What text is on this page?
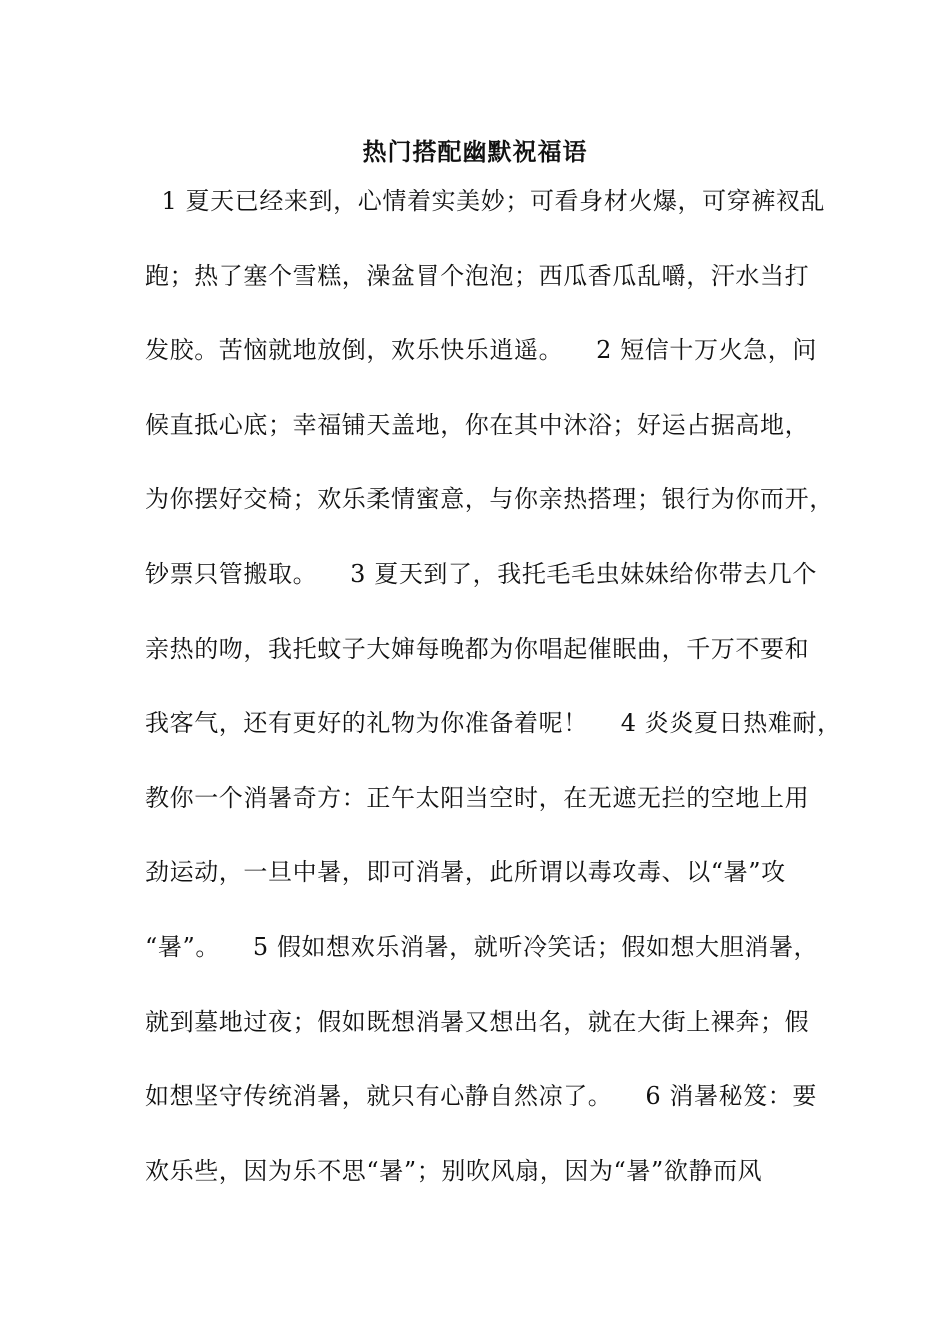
热门搭配幽默祝福语
1 夏天已经来到，心情着实美妙；可看身材火爆，可穿裤衩乱
跑；热了塞个雪糕，澡盆冒个泡泡；西瓜香瓜乱嚼，汗水当打
发胶。苦恼就地放倒，欢乐快乐逍遥。    2 短信十万火急，问
候直抵心底；幸福铺天盖地，你在其中沐浴；好运占据高地，
为你摆好交椅；欢乐柔情蜜意，与你亲热搭理；银行为你而开，
钞票只管搬取。    3 夏天到了，我托毛毛虫妹妹给你带去几个
亲热的吻，我托蚊子大婶每晚都为你唱起催眠曲，千万不要和
我客气，还有更好的礼物为你准备着呢！    4 炎炎夏日热难耐，
教你一个消暑奇方：正午太阳当空时，在无遮无拦的空地上用
劲运动，一旦中暑，即可消暑，此所谓以毒攻毒、以“暑”攻
“暑”。    5 假如想欢乐消暑，就听冷笑话；假如想大胆消暑，
就到墓地过夜；假如既想消暑又想出名，就在大街上裸奔；假
如想坚守传统消暑，就只有心静自然凉了。    6 消暑秘笈：要
欢乐些，因为乐不思“暑”；别吹风扇，因为“暑”欲静而风
